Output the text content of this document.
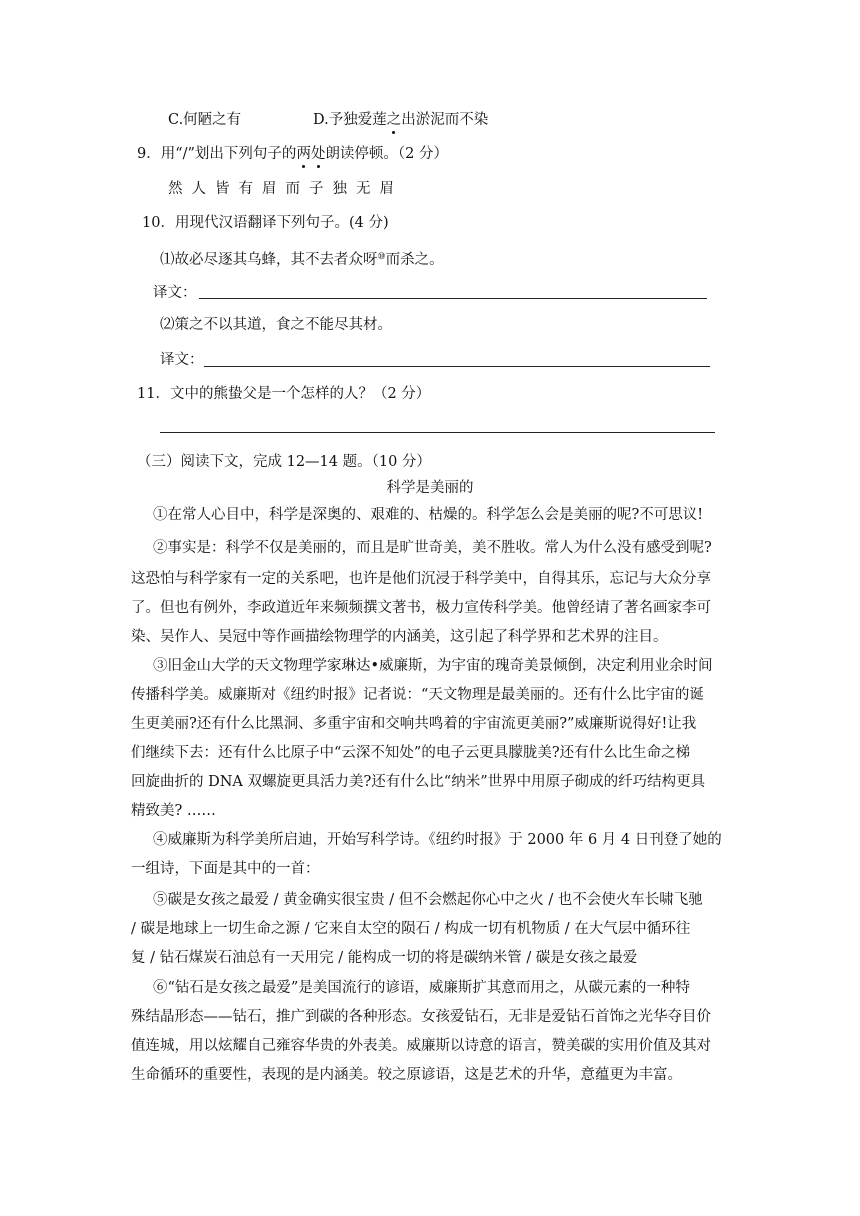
C.何陋之有	D.予独爱莲之出淤泥而不染
9．用“/”划出下列句子的两处朗读停顿。（2 分）
然人皆有眉而子独无眉
10．用现代汉语翻译下列句子。(4 分)
⑴故必尽逐其乌蜂，其不去者众呀⑩而杀之。
译文：
⑵策之不以其道，食之不能尽其材。
译文：
11．文中的熊蛰父是一个怎样的人？（2 分）
（三）阅读下文，完成 12—14 题。（10 分）
科学是美丽的
①在常人心目中，科学是深奥的、艰难的、枯燥的。科学怎么会是美丽的呢?不可思议!
②事实是：科学不仅是美丽的，而且是旷世奇美，美不胜收。常人为什么没有感受到呢?
这恐怕与科学家有一定的关系吧，也许是他们沉浸于科学美中，自得其乐，忘记与大众分享
了。但也有例外，李政道近年来频频撰文著书，极力宣传科学美。他曾经请了著名画家李可
染、吴作人、吴冠中等作画描绘物理学的内涵美，这引起了科学界和艺术界的注目。
③旧金山大学的天文物理学家琳达•威廉斯，为宇宙的瑰奇美景倾倒，决定利用业余时间
传播科学美。威廉斯对《纽约时报》记者说：“天文物理是最美丽的。还有什么比宇宙的诞
生更美丽?还有什么比黑洞、多重宇宙和交响共鸣着的宇宙流更美丽?”威廉斯说得好!让我
们继续下去：还有什么比原子中“云深不知处”的电子云更具朦胧美?还有什么比生命之梯
回旋曲折的 DNA 双螺旋更具活力美?还有什么比“纳米”世界中用原子砌成的纤巧结构更具
精致美? ……
④威廉斯为科学美所启迪，开始写科学诗。《纽约时报》于 2000 年 6 月 4 日刊登了她的
一组诗，下面是其中的一首：
⑤碳是女孩之最爱 / 黄金确实很宝贵 / 但不会燃起你心中之火 / 也不会使火车长啸飞驰
/ 碳是地球上一切生命之源 / 它来自太空的陨石 / 构成一切有机物质 / 在大气层中循环往
复 / 钻石煤炭石油总有一天用完 / 能构成一切的将是碳纳米管 / 碳是女孩之最爱
⑥“钻石是女孩之最爱”是美国流行的谚语，威廉斯扩其意而用之，从碳元素的一种特
殊结晶形态——钻石，推广到碳的各种形态。女孩爱钻石，无非是爱钻石首饰之光华夺目价
值连城，用以炫耀自己雍容华贵的外表美。威廉斯以诗意的语言，赞美碳的实用价值及其对
生命循环的重要性，表现的是内涵美。较之原谚语，这是艺术的升华，意蕴更为丰富。
